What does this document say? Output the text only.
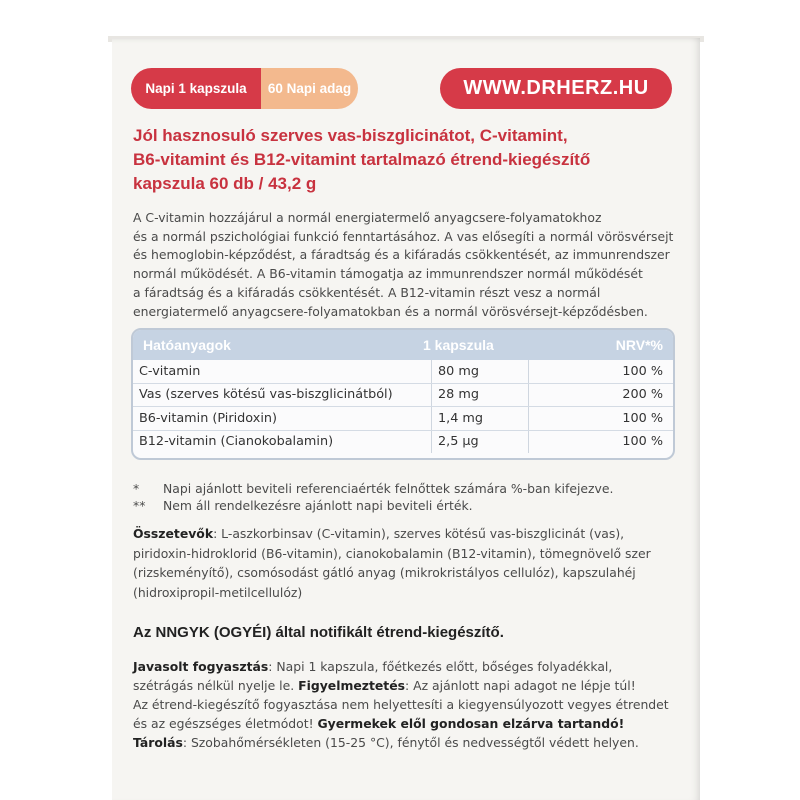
Napi 1 kapszula	60 Napi adag	WWW.DRHERZ.HU
Jól hasznosuló szerves vas-biszglicinátot, C-vitamint,
B6-vitamint és B12-vitamint tartalmazó étrend-kiegészítő
kapszula 60 db / 43,2 g
A C-vitamin hozzájárul a normál energiatermelő anyagcsere-folyamatokhoz
és a normál pszichológiai funkció fenntartásához. A vas elősegíti a normál vörösvérsejt
és hemoglobin-képződést, a fáradtság és a kifáradás csökkentését, az immunrendszer
normál működését. A B6-vitamin támogatja az immunrendszer normál működését
a fáradtság és a kifáradás csökkentését. A B12-vitamin részt vesz a normál
energiatermelő anyagcsere-folyamatokban és a normál vörösvérsejt-képződésben.
Hatóanyagok	1 kapszula	NRV*%
C-vitamin	80 mg	100 %
Vas (szerves kötésű vas-biszglicinátból)	28 mg	200 %
B6-vitamin (Piridoxin)	1,4 mg	100 %
B12-vitamin (Cianokobalamin)	2,5 μg	100 %
*	Napi ajánlott beviteli referenciaérték felnőttek számára %-ban kifejezve.
**	Nem áll rendelkezésre ajánlott napi beviteli érték.
Összetevők: L-aszkorbinsav (C-vitamin), szerves kötésű vas-biszglicinát (vas),
piridoxin-hidroklorid (B6-vitamin), cianokobalamin (B12-vitamin), tömegnövelő szer
(rizskeményítő), csomósodást gátló anyag (mikrokristályos cellulóz), kapszulahéj
(hidroxipropil-metilcellulóz)
Az NNGYK (OGYÉI) által notifikált étrend-kiegészítő.
Javasolt fogyasztás: Napi 1 kapszula, főétkezés előtt, bőséges folyadékkal,
szétrágás nélkül nyelje le. Figyelmeztetés: Az ajánlott napi adagot ne lépje túl!
Az étrend-kiegészítő fogyasztása nem helyettesíti a kiegyensúlyozott vegyes étrendet
és az egészséges életmódot! Gyermekek elől gondosan elzárva tartandó!
Tárolás: Szobahőmérsékleten (15-25 °C), fénytől és nedvességtől védett helyen.
